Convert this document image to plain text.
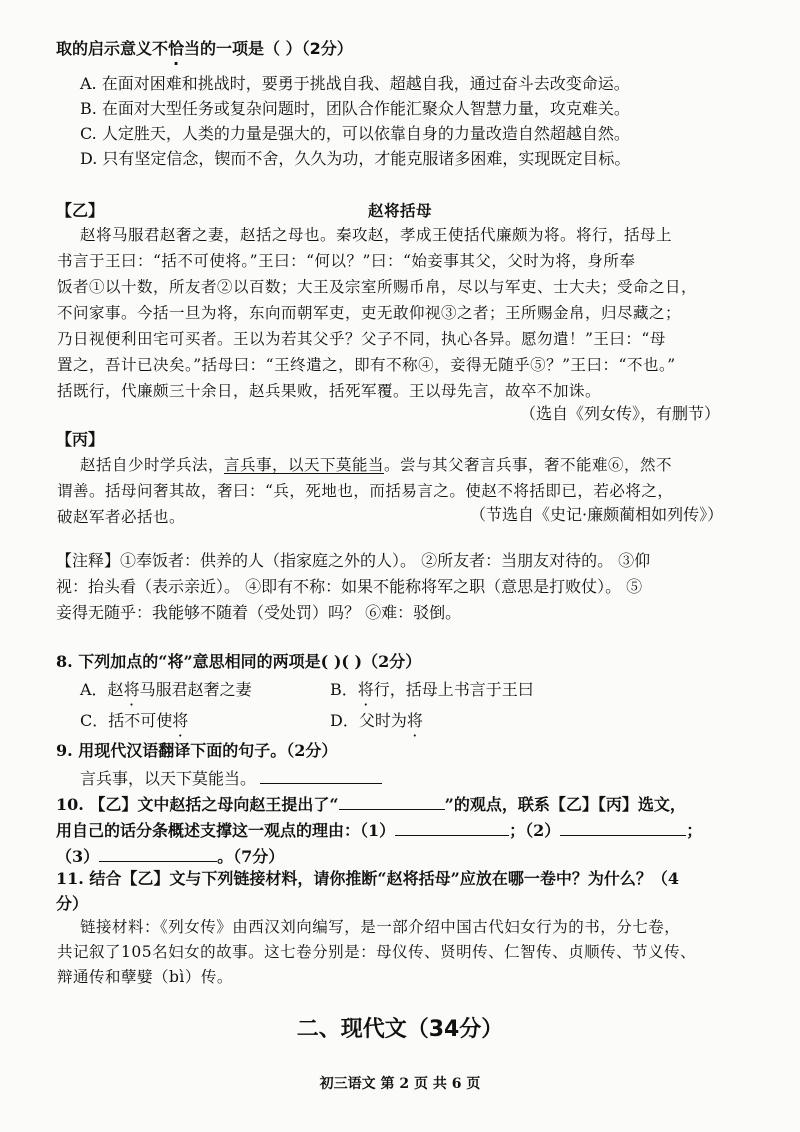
取的启示意义不恰当的一项是（ ）（2分）
A. 在面对困难和挑战时，要勇于挑战自我、超越自我，通过奋斗去改变命运。
B. 在面对大型任务或复杂问题时，团队合作能汇聚众人智慧力量，攻克难关。
C. 人定胜天，人类的力量是强大的，可以依靠自身的力量改造自然超越自然。
D. 只有坚定信念，锲而不舍，久久为功，才能克服诸多困难，实现既定目标。
【乙】	赵将括母
赵将马服君赵奢之妻，赵括之母也。秦攻赵，孝成王使括代廉颇为将。将行，括母上
书言于王曰：“括不可使将。”王曰：“何以？”曰：“始妾事其父，父时为将，身所奉
饭者①以十数，所友者②以百数；大王及宗室所赐币帛，尽以与军吏、士大夫；受命之日，
不问家事。今括一旦为将，东向而朝军吏，吏无敢仰视③之者；王所赐金帛，归尽藏之；
乃日视便利田宅可买者。王以为若其父乎？父子不同，执心各异。愿勿遣！”王曰：“母
置之，吾计已决矣。”括母曰：“王终遣之，即有不称④，妾得无随乎⑤？”王曰：“不也。”
括既行，代廉颇三十余日，赵兵果败，括死军覆。王以母先言，故卒不加诛。
（选自《列女传》，有删节）
【丙】
赵括自少时学兵法，言兵事，以天下莫能当。尝与其父奢言兵事，奢不能难⑥，然不
谓善。括母问奢其故，奢曰：“兵，死地也，而括易言之。使赵不将括即已，若必将之，
破赵军者必括也。	（节选自《史记·廉颇蔺相如列传》）
【注释】①奉饭者：供养的人（指家庭之外的人）。 ②所友者：当朋友对待的。 ③仰
视：抬头看（表示亲近）。 ④即有不称：如果不能称将军之职（意思是打败仗）。 ⑤
妾得无随乎：我能够不随着（受处罚）吗？ ⑥难：驳倒。
8. 下列加点的“将”意思相同的两项是( )( )（2分）
A．赵将马服君赵奢之妻	B．将行，括母上书言于王曰
C．括不可使将	D．父时为将
9. 用现代汉语翻译下面的句子。（2分）
言兵事，以天下莫能当。
10. 【乙】文中赵括之母向赵王提出了“	”的观点，联系【乙】【丙】选文，
用自己的话分条概述支撑这一观点的理由：（1）	；（2）	；
（3）	。（7分）
11. 结合【乙】文与下列链接材料，请你推断“赵将括母”应放在哪一卷中？为什么？（4
分）
链接材料：《列女传》由西汉刘向编写，是一部介绍中国古代妇女行为的书，分七卷，
共记叙了105名妇女的故事。这七卷分别是：母仪传、贤明传、仁智传、贞顺传、节义传、
辩通传和孽嬖（bì）传。
二、现代文（34分）
初三语文 第 2 页 共 6 页
